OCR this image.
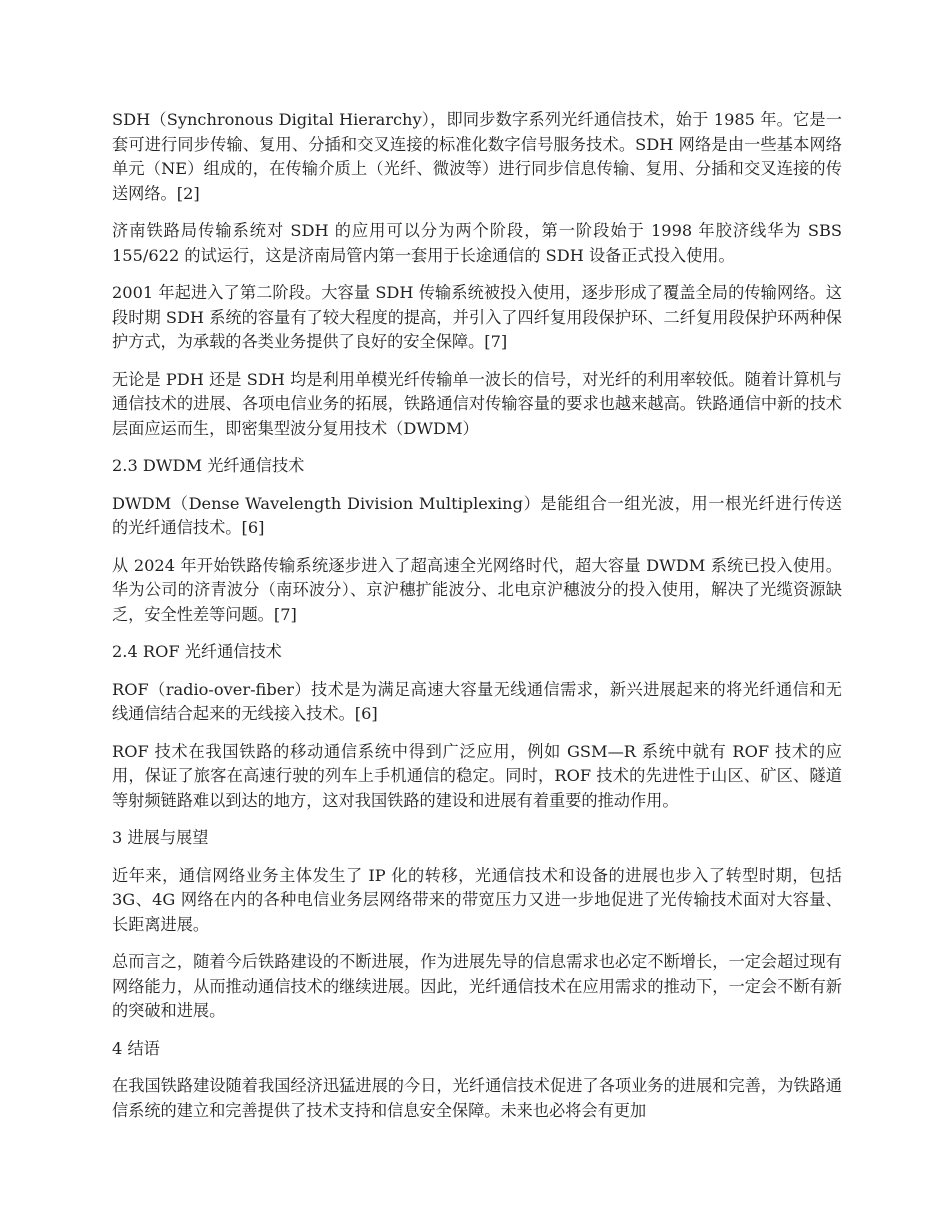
SDH（Synchronous Digital Hierarchy），即同步数字系列光纤通信技术，始于 1985 年。它是一套可进行同步传输、复用、分插和交叉连接的标准化数字信号服务技术。SDH 网络是由一些基本网络单元（NE）组成的，在传输介质上（光纤、微波等）进行同步信息传输、复用、分插和交叉连接的传送网络。[2]

济南铁路局传输系统对 SDH 的应用可以分为两个阶段，第一阶段始于 1998 年胶济线华为 SBS 155/622 的试运行，这是济南局管内第一套用于长途通信的 SDH 设备正式投入使用。

2001 年起进入了第二阶段。大容量 SDH 传输系统被投入使用，逐步形成了覆盖全局的传输网络。这段时期 SDH 系统的容量有了较大程度的提高，并引入了四纤复用段保护环、二纤复用段保护环两种保护方式，为承载的各类业务提供了良好的安全保障。[7]

无论是 PDH 还是 SDH 均是利用单模光纤传输单一波长的信号，对光纤的利用率较低。随着计算机与通信技术的进展、各项电信业务的拓展，铁路通信对传输容量的要求也越来越高。铁路通信中新的技术层面应运而生，即密集型波分复用技术（DWDM）

2.3 DWDM 光纤通信技术

DWDM（Dense Wavelength Division Multiplexing）是能组合一组光波，用一根光纤进行传送的光纤通信技术。[6]

从 2024 年开始铁路传输系统逐步进入了超高速全光网络时代，超大容量 DWDM 系统已投入使用。华为公司的济青波分（南环波分）、京沪穗扩能波分、北电京沪穗波分的投入使用，解决了光缆资源缺乏，安全性差等问题。[7]

2.4 ROF 光纤通信技术

ROF（radio-over-fiber）技术是为满足高速大容量无线通信需求，新兴进展起来的将光纤通信和无线通信结合起来的无线接入技术。[6]

ROF 技术在我国铁路的移动通信系统中得到广泛应用，例如 GSM—R 系统中就有 ROF 技术的应用，保证了旅客在高速行驶的列车上手机通信的稳定。同时，ROF 技术的先进性于山区、矿区、隧道等射频链路难以到达的地方，这对我国铁路的建设和进展有着重要的推动作用。

3 进展与展望

近年来，通信网络业务主体发生了 IP 化的转移，光通信技术和设备的进展也步入了转型时期，包括 3G、4G 网络在内的各种电信业务层网络带来的带宽压力又进一步地促进了光传输技术面对大容量、长距离进展。

总而言之，随着今后铁路建设的不断进展，作为进展先导的信息需求也必定不断增长，一定会超过现有网络能力，从而推动通信技术的继续进展。因此，光纤通信技术在应用需求的推动下，一定会不断有新的突破和进展。

4 结语

在我国铁路建设随着我国经济迅猛进展的今日，光纤通信技术促进了各项业务的进展和完善，为铁路通信系统的建立和完善提供了技术支持和信息安全保障。未来也必将会有更加
